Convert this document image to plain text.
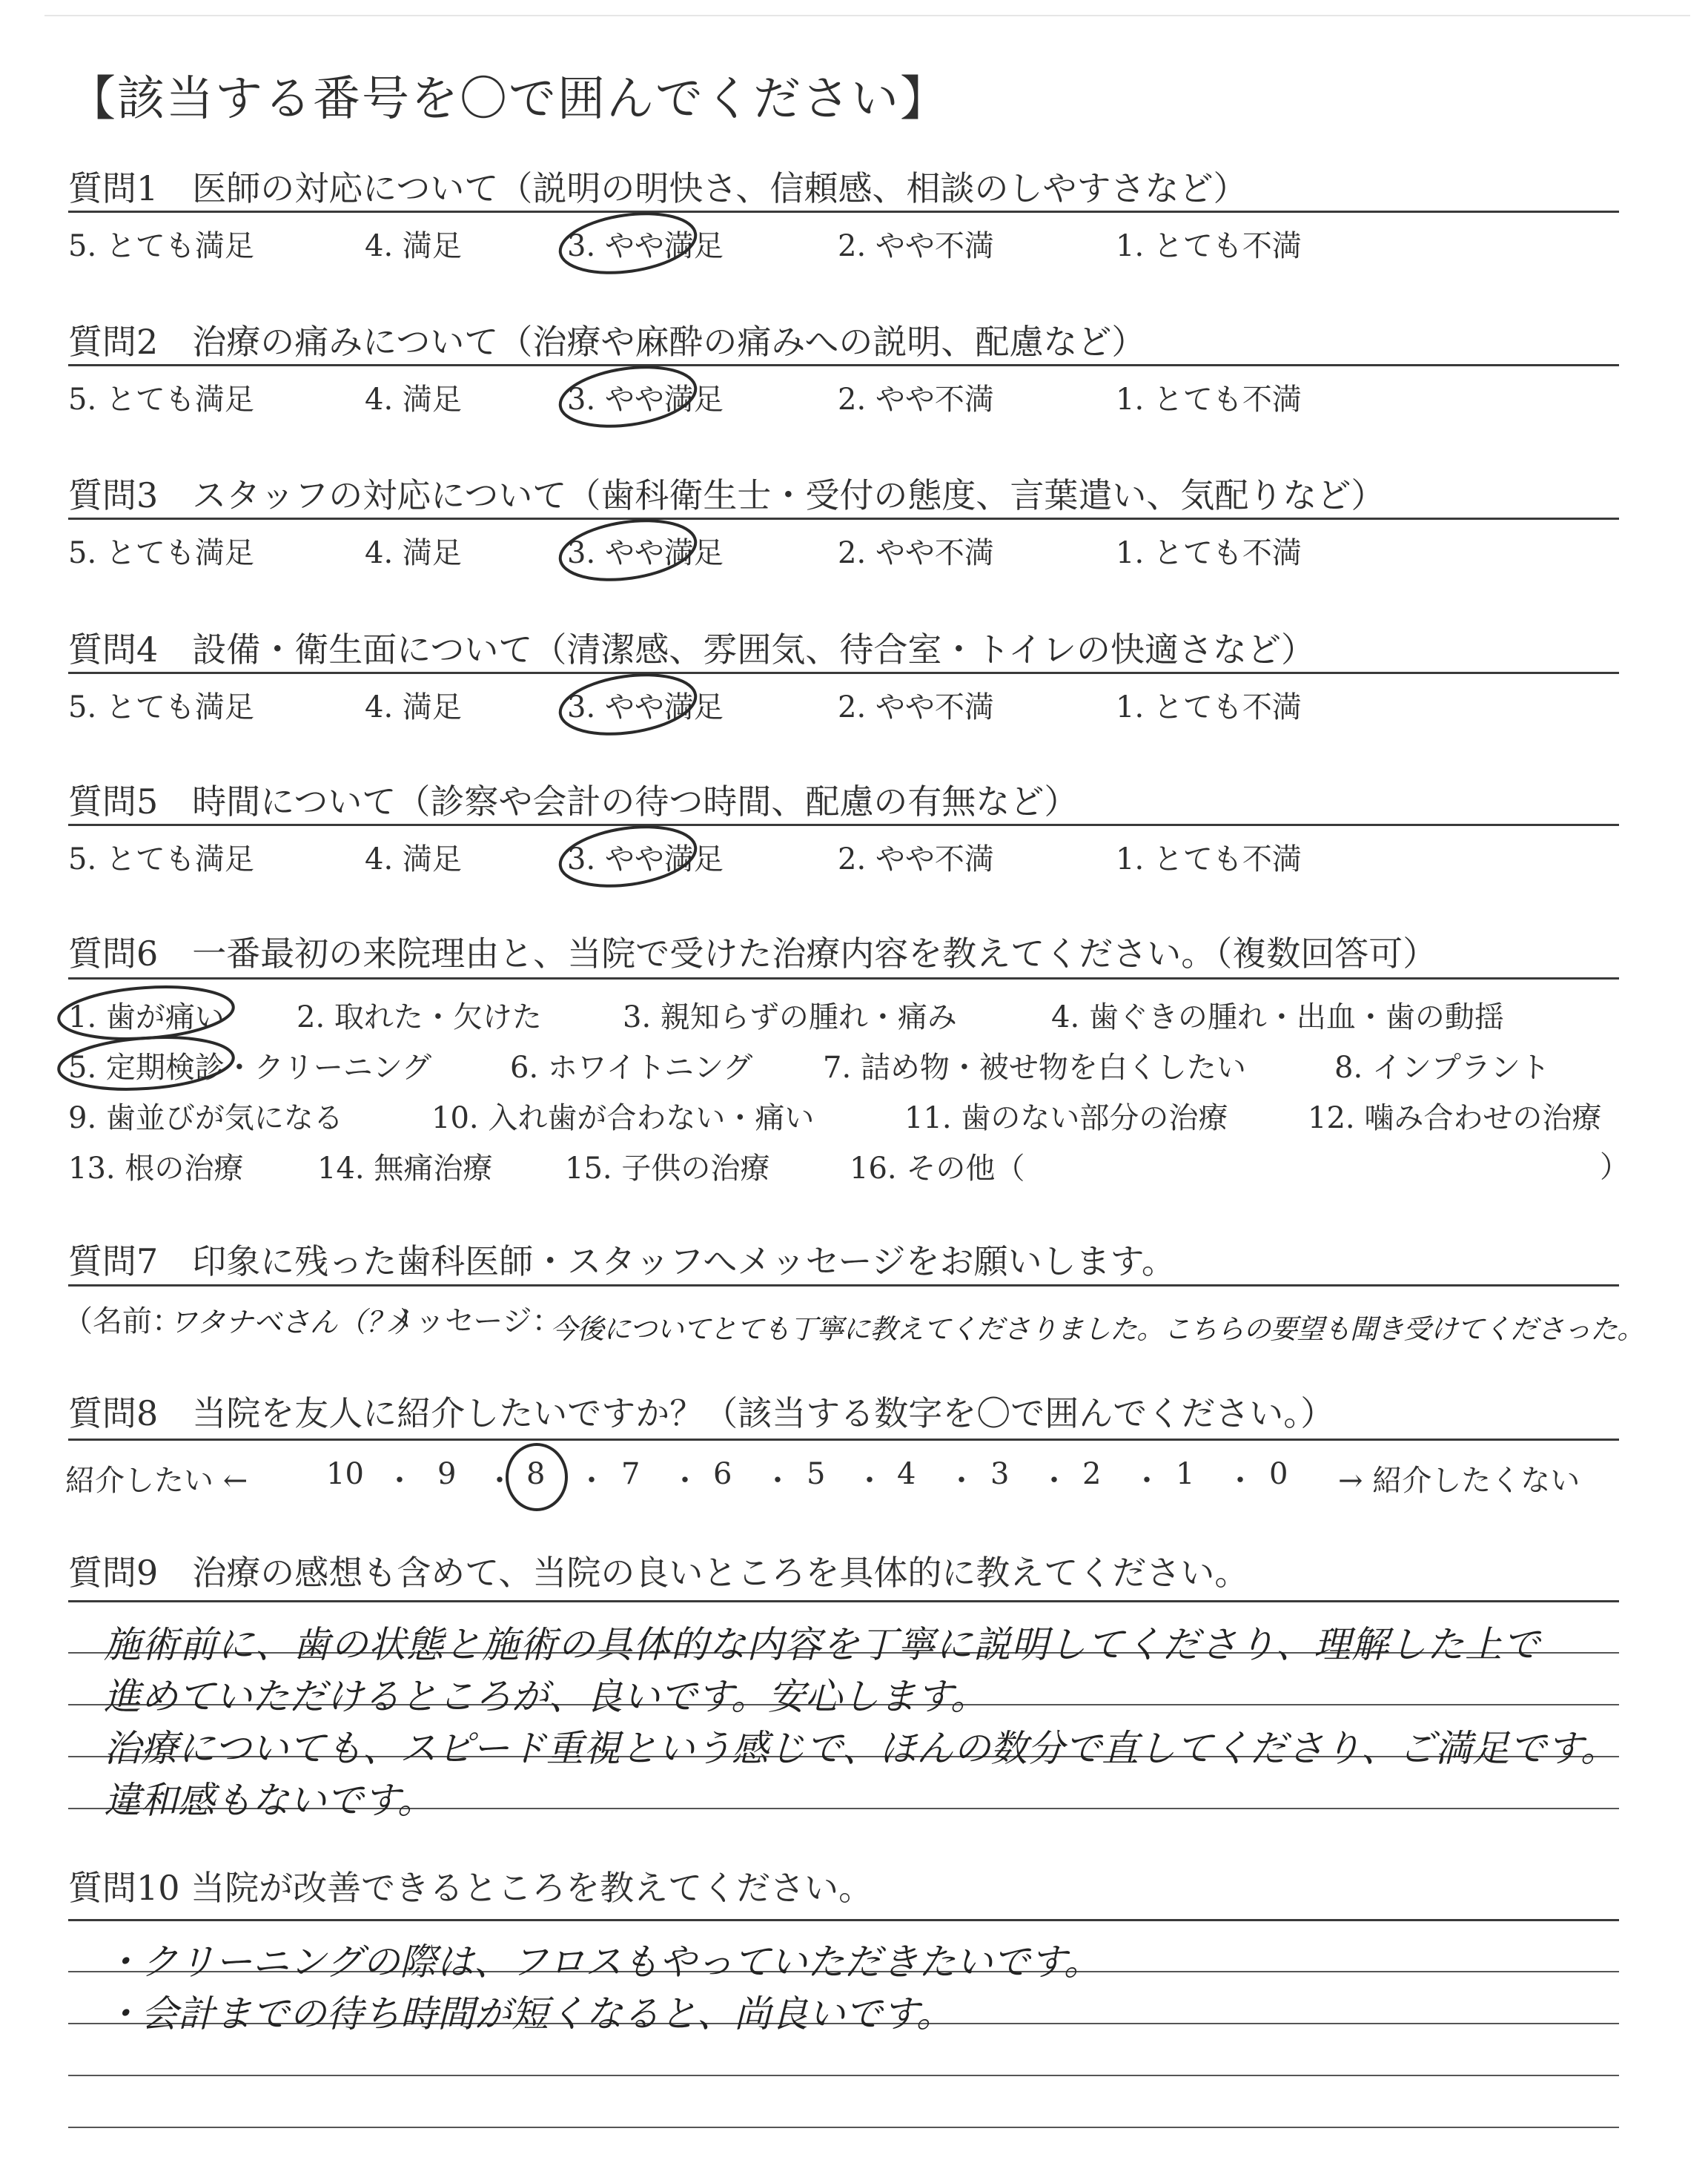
【該当する番号を〇で囲んでください】
質問1　医師の対応について（説明の明快さ、信頼感、相談のしやすさなど）
5. とても満足	4. 満足	3. やや満足	2. やや不満	1. とても不満
質問2　治療の痛みについて（治療や麻酔の痛みへの説明、配慮など）
5. とても満足	4. 満足	3. やや満足	2. やや不満	1. とても不満
質問3　スタッフの対応について（歯科衛生士・受付の態度、言葉遣い、気配りなど）
5. とても満足	4. 満足	3. やや満足	2. やや不満	1. とても不満
質問4　設備・衛生面について（清潔感、雰囲気、待合室・トイレの快適さなど）
5. とても満足	4. 満足	3. やや満足	2. やや不満	1. とても不満
質問5　時間について（診察や会計の待つ時間、配慮の有無など）
5. とても満足	4. 満足	3. やや満足	2. やや不満	1. とても不満
質問6　一番最初の来院理由と、当院で受けた治療内容を教えてください。（複数回答可）
1. 歯が痛い 2. 取れた・欠けた	3. 親知らずの腫れ・痛み	4. 歯ぐきの腫れ・出血・歯の動揺
5. 定期検診・クリーニング	6. ホワイトニング 7. 詰め物・被せ物を白くしたい	8. インプラント
9. 歯並びが気になる	10. 入れ歯が合わない・痛い	11. 歯のない部分の治療	12. 噛み合わせの治療
13. 根の治療 14. 無痛治療 15. 子供の治療	16. その他（	）
質問7　印象に残った歯科医師・スタッフへメッセージをお願いします。
（名前：
ワタナベさん（？）
メッセージ：
今後についてとても丁寧に教えてくださりました。こちらの要望も聞き受けてくださった。
質問8　当院を友人に紹介したいですか？（該当する数字を〇で囲んでください。）
紹介したい ←	10 ・ 9 ・ 8 ・ 7 ・ 6 ・ 5 ・ 4 ・ 3 ・ 2 ・ 1 ・ 0 → 紹介したくない
質問9　治療の感想も含めて、当院の良いところを具体的に教えてください。
施術前に、歯の状態と施術の具体的な内容を丁寧に説明してくださり、理解した上で
進めていただけるところが、良いです。安心します。
治療についても、スピード重視という感じで、ほんの数分で直してくださり、ご満足です。
違和感もないです。
質問10 当院が改善できるところを教えてください。
・クリーニングの際は、フロスもやっていただきたいです。
・会計までの待ち時間が短くなると、尚良いです。
